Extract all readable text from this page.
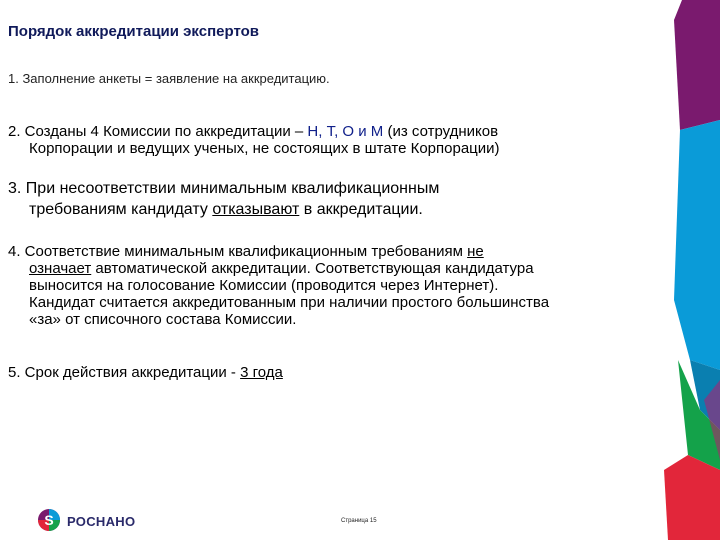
Порядок аккредитации экспертов
1. Заполнение анкеты = заявление на аккредитацию.
2. Созданы 4 Комиссии по аккредитации – Н, Т, О и М (из сотрудников
Корпорации и ведущих ученых, не состоящих в штате Корпорации)
3. При несоответствии минимальным квалификационным
требованиям кандидату отказывают в аккредитации.
4. Соответствие минимальным квалификационным требованиям не
означает автоматической аккредитации. Соответствующая кандидатура
выносится на голосование Комиссии (проводится через Интернет).
Кандидат считается аккредитованным при наличии простого большинства
«за» от списочного состава Комиссии.
5. Срок действия аккредитации - 3 года
S РОСНАНО	Страница 15
